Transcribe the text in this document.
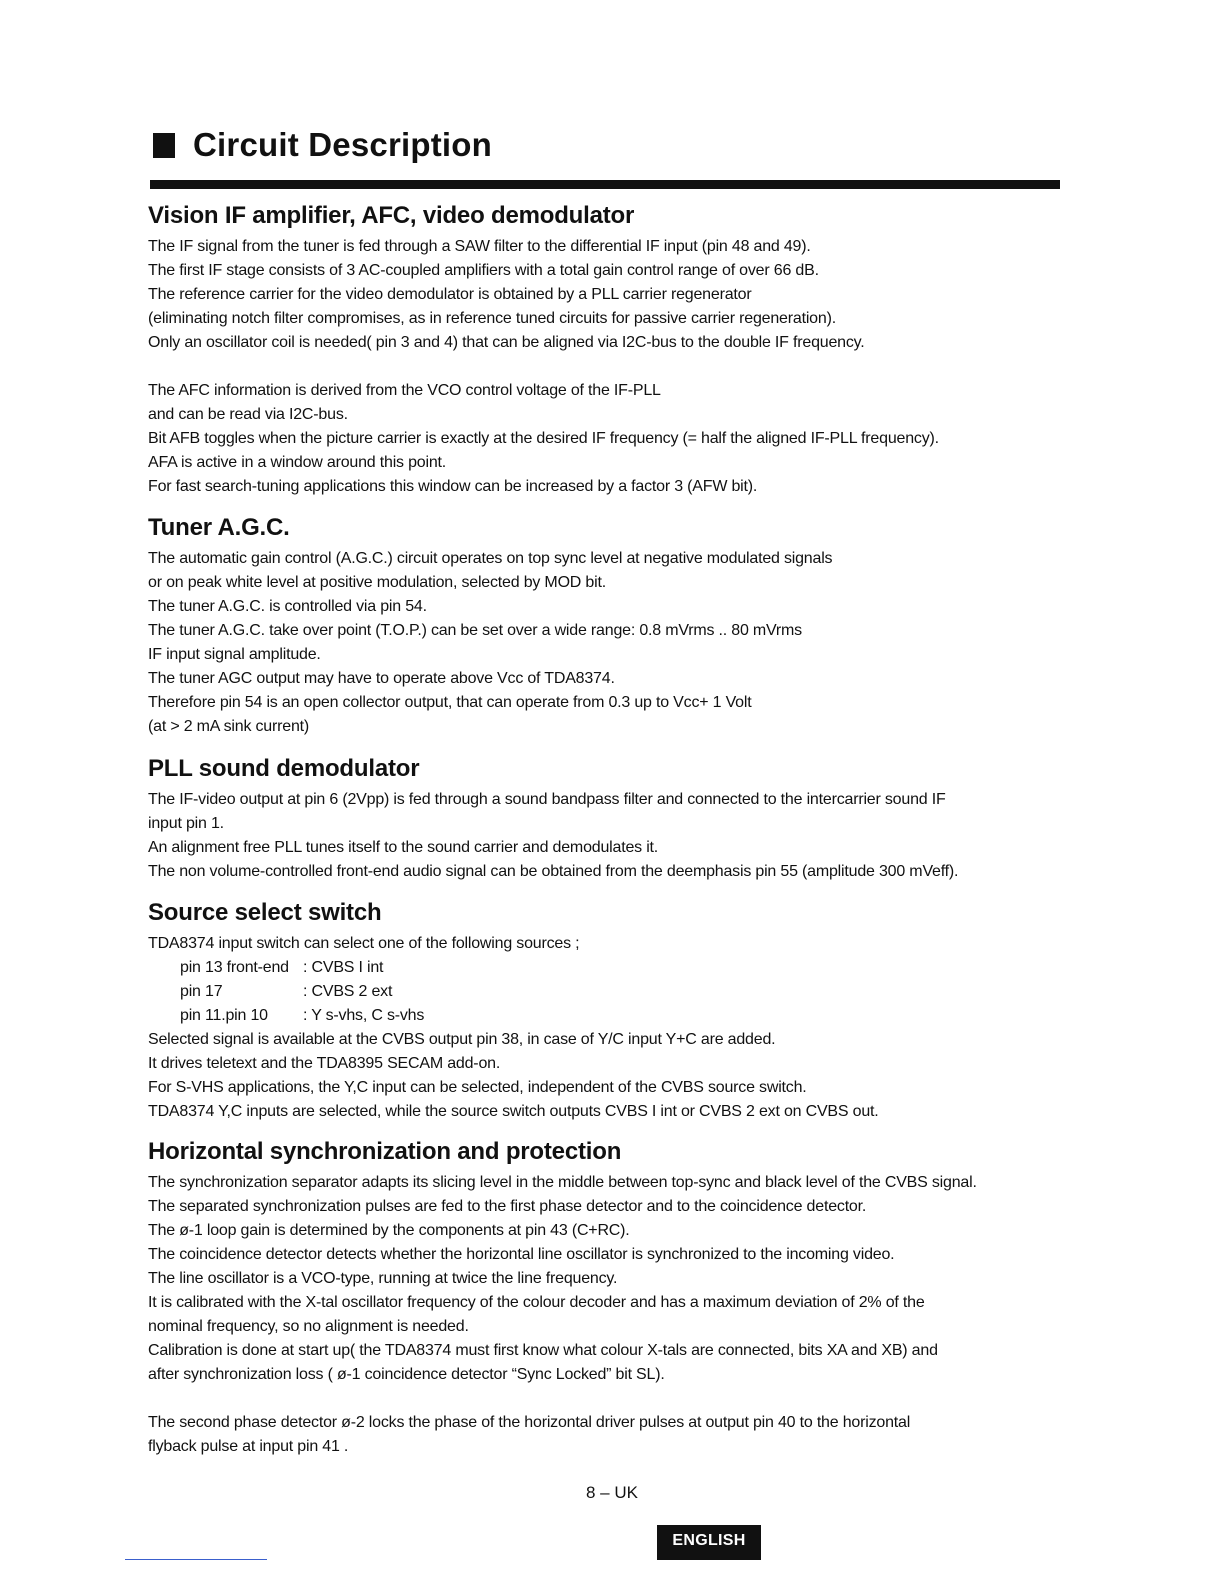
Circuit Description
Vision IF amplifier, AFC, video demodulator
The IF signal from the tuner is fed through a SAW filter to the differential IF input (pin 48 and 49).
The first IF stage consists of 3 AC-coupled amplifiers with a total gain control range of over 66 dB.
The reference carrier for the video demodulator is obtained by a PLL carrier regenerator
(eliminating notch filter compromises, as in reference tuned circuits for passive carrier regeneration).
Only an oscillator coil is needed( pin 3 and 4) that can be aligned via I2C-bus to the double IF frequency.
The AFC information is derived from the VCO control voltage of the IF-PLL
and can be read via I2C-bus.
Bit AFB toggles when the picture carrier is exactly at the desired IF frequency (= half the aligned IF-PLL frequency).
AFA is active in a window around this point.
For fast search-tuning applications this window can be increased by a factor 3 (AFW bit).
Tuner A.G.C.
The automatic gain control (A.G.C.) circuit operates on top sync level at negative modulated signals
or on peak white level at positive modulation, selected by MOD bit.
The tuner A.G.C. is controlled via pin 54.
The tuner A.G.C. take over point (T.O.P.) can be set over a wide range: 0.8 mVrms .. 80 mVrms
IF input signal amplitude.
The tuner AGC output may have to operate above Vcc of TDA8374.
Therefore pin 54 is an open collector output, that can operate from 0.3 up to Vcc+ 1 Volt
(at > 2 mA sink current)
PLL sound demodulator
The IF-video output at pin 6 (2Vpp) is fed through a sound bandpass filter and connected to the intercarrier sound IF
input pin 1.
An alignment free PLL tunes itself to the sound carrier and demodulates it.
The non volume-controlled front-end audio signal can be obtained from the deemphasis pin 55 (amplitude 300 mVeff).
Source select switch
TDA8374 input switch can select one of the following sources ;
pin 13 front-end : CVBS I int
pin 17	: CVBS 2 ext
pin 11.pin 10	: Y s-vhs, C s-vhs
Selected signal is available at the CVBS output pin 38, in case of Y/C input Y+C are added.
It drives teletext and the TDA8395 SECAM add-on.
For S-VHS applications, the Y,C input can be selected, independent of the CVBS source switch.
TDA8374 Y,C inputs are selected, while the source switch outputs CVBS I int or CVBS 2 ext on CVBS out.
Horizontal synchronization and protection
The synchronization separator adapts its slicing level in the middle between top-sync and black level of the CVBS signal.
The separated synchronization pulses are fed to the first phase detector and to the coincidence detector.
The ø-1 loop gain is determined by the components at pin 43 (C+RC).
The coincidence detector detects whether the horizontal line oscillator is synchronized to the incoming video.
The line oscillator is a VCO-type, running at twice the line frequency.
It is calibrated with the X-tal oscillator frequency of the colour decoder and has a maximum deviation of 2% of the
nominal frequency, so no alignment is needed.
Calibration is done at start up( the TDA8374 must first know what colour X-tals are connected, bits XA and XB) and
after synchronization loss ( ø-1 coincidence detector “Sync Locked” bit SL).
The second phase detector ø-2 locks the phase of the horizontal driver pulses at output pin 40 to the horizontal
flyback pulse at input pin 41 .
8 – UK
ENGLISH
